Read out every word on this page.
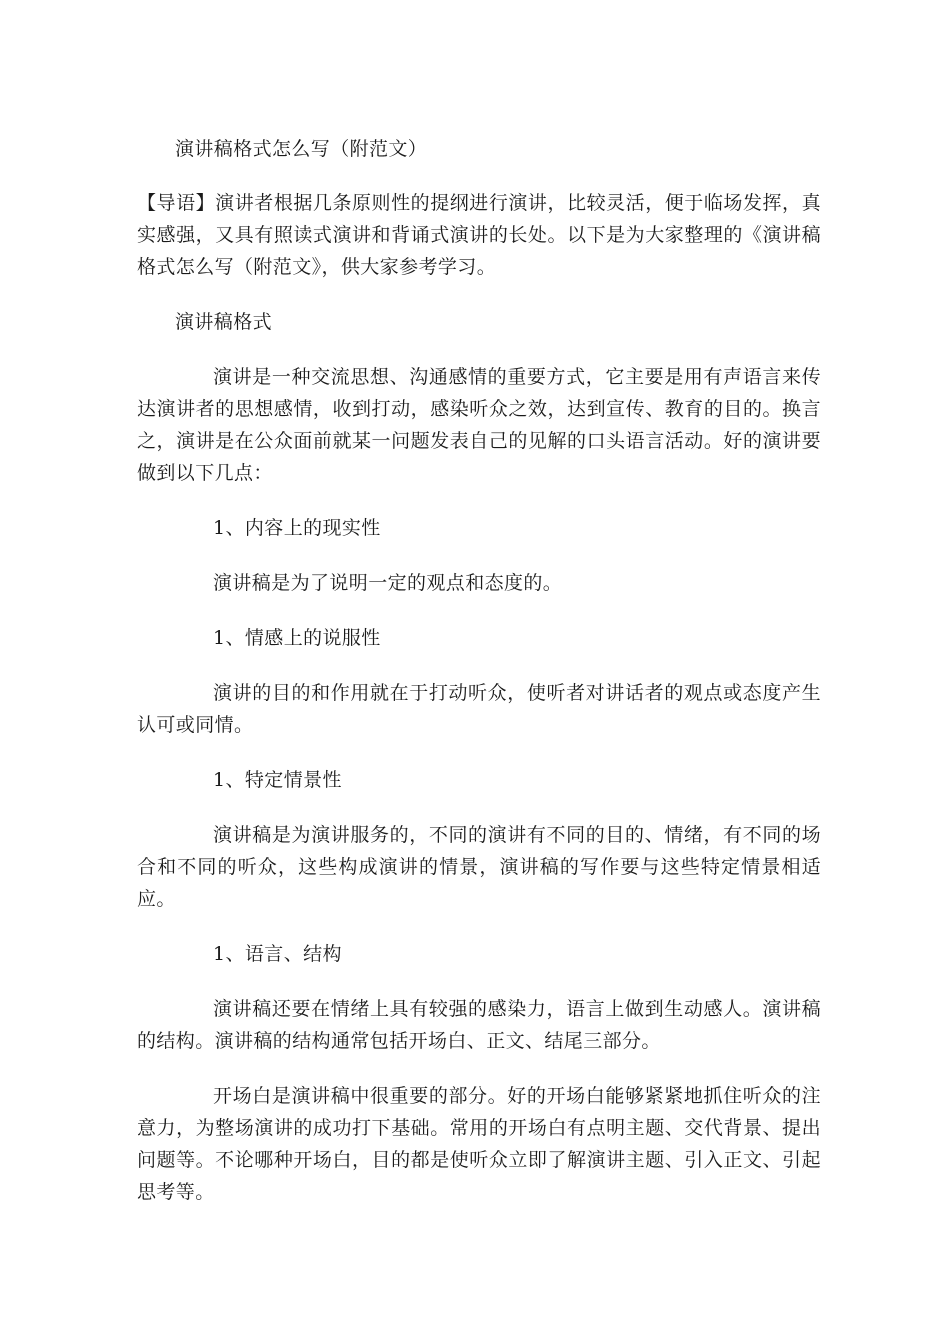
演讲稿格式怎么写（附范文）

【导语】演讲者根据几条原则性的提纲进行演讲，比较灵活，便于临场发挥，真实感强，又具有照读式演讲和背诵式演讲的长处。以下是为大家整理的《演讲稿格式怎么写（附范文》，供大家参考学习。

演讲稿格式

演讲是一种交流思想、沟通感情的重要方式，它主要是用有声语言来传达演讲者的思想感情，收到打动，感染听众之效，达到宣传、教育的目的。换言之，演讲是在公众面前就某一问题发表自己的见解的口头语言活动。好的演讲要做到以下几点：

1、内容上的现实性

演讲稿是为了说明一定的观点和态度的。

1、情感上的说服性

演讲的目的和作用就在于打动听众，使听者对讲话者的观点或态度产生认可或同情。

1、特定情景性

演讲稿是为演讲服务的，不同的演讲有不同的目的、情绪，有不同的场合和不同的听众，这些构成演讲的情景，演讲稿的写作要与这些特定情景相适应。

1、语言、结构

演讲稿还要在情绪上具有较强的感染力，语言上做到生动感人。演讲稿的结构。演讲稿的结构通常包括开场白、正文、结尾三部分。

开场白是演讲稿中很重要的部分。好的开场白能够紧紧地抓住听众的注意力，为整场演讲的成功打下基础。常用的开场白有点明主题、交代背景、提出问题等。不论哪种开场白，目的都是使听众立即了解演讲主题、引入正文、引起思考等。
